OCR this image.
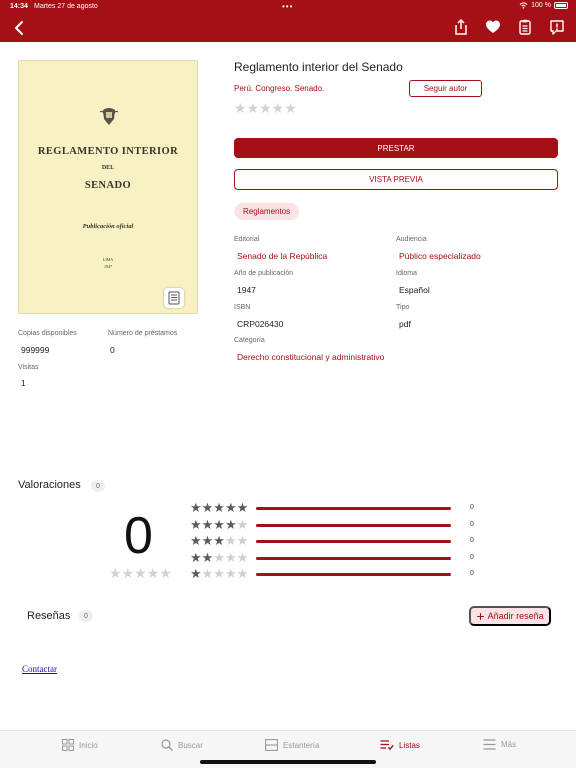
14:34 Martes 27 de agosto	•••	100 %
REGLAMENTO INTERIOR
DEL
SENADO
Publicación oficial
LIMA
1947
Copias disponibles
999999
Número de préstamos
0
Visitas
1
Reglamento interior del Senado
Perú. Congreso. Senado.	Seguir autor
★★★★★
PRESTAR
VISTA PREVIA
Reglamentos
Editorial
Senado de la República
Audiencia
Público especializado
Año de publicación
1947
Idioma
Español
ISBN
CRP026430
Tipo
pdf
Categoría
Derecho constitucional y administrativo
Valoraciones	0
0
★★★★★
★★★★★	0
★★★★★	0
★★★★★	0
★★★★★	0
★★★★★	0
Reseñas	0	+ Añadir reseña
Contactar
Inicio	Buscar	Estantería	Listas	Más
